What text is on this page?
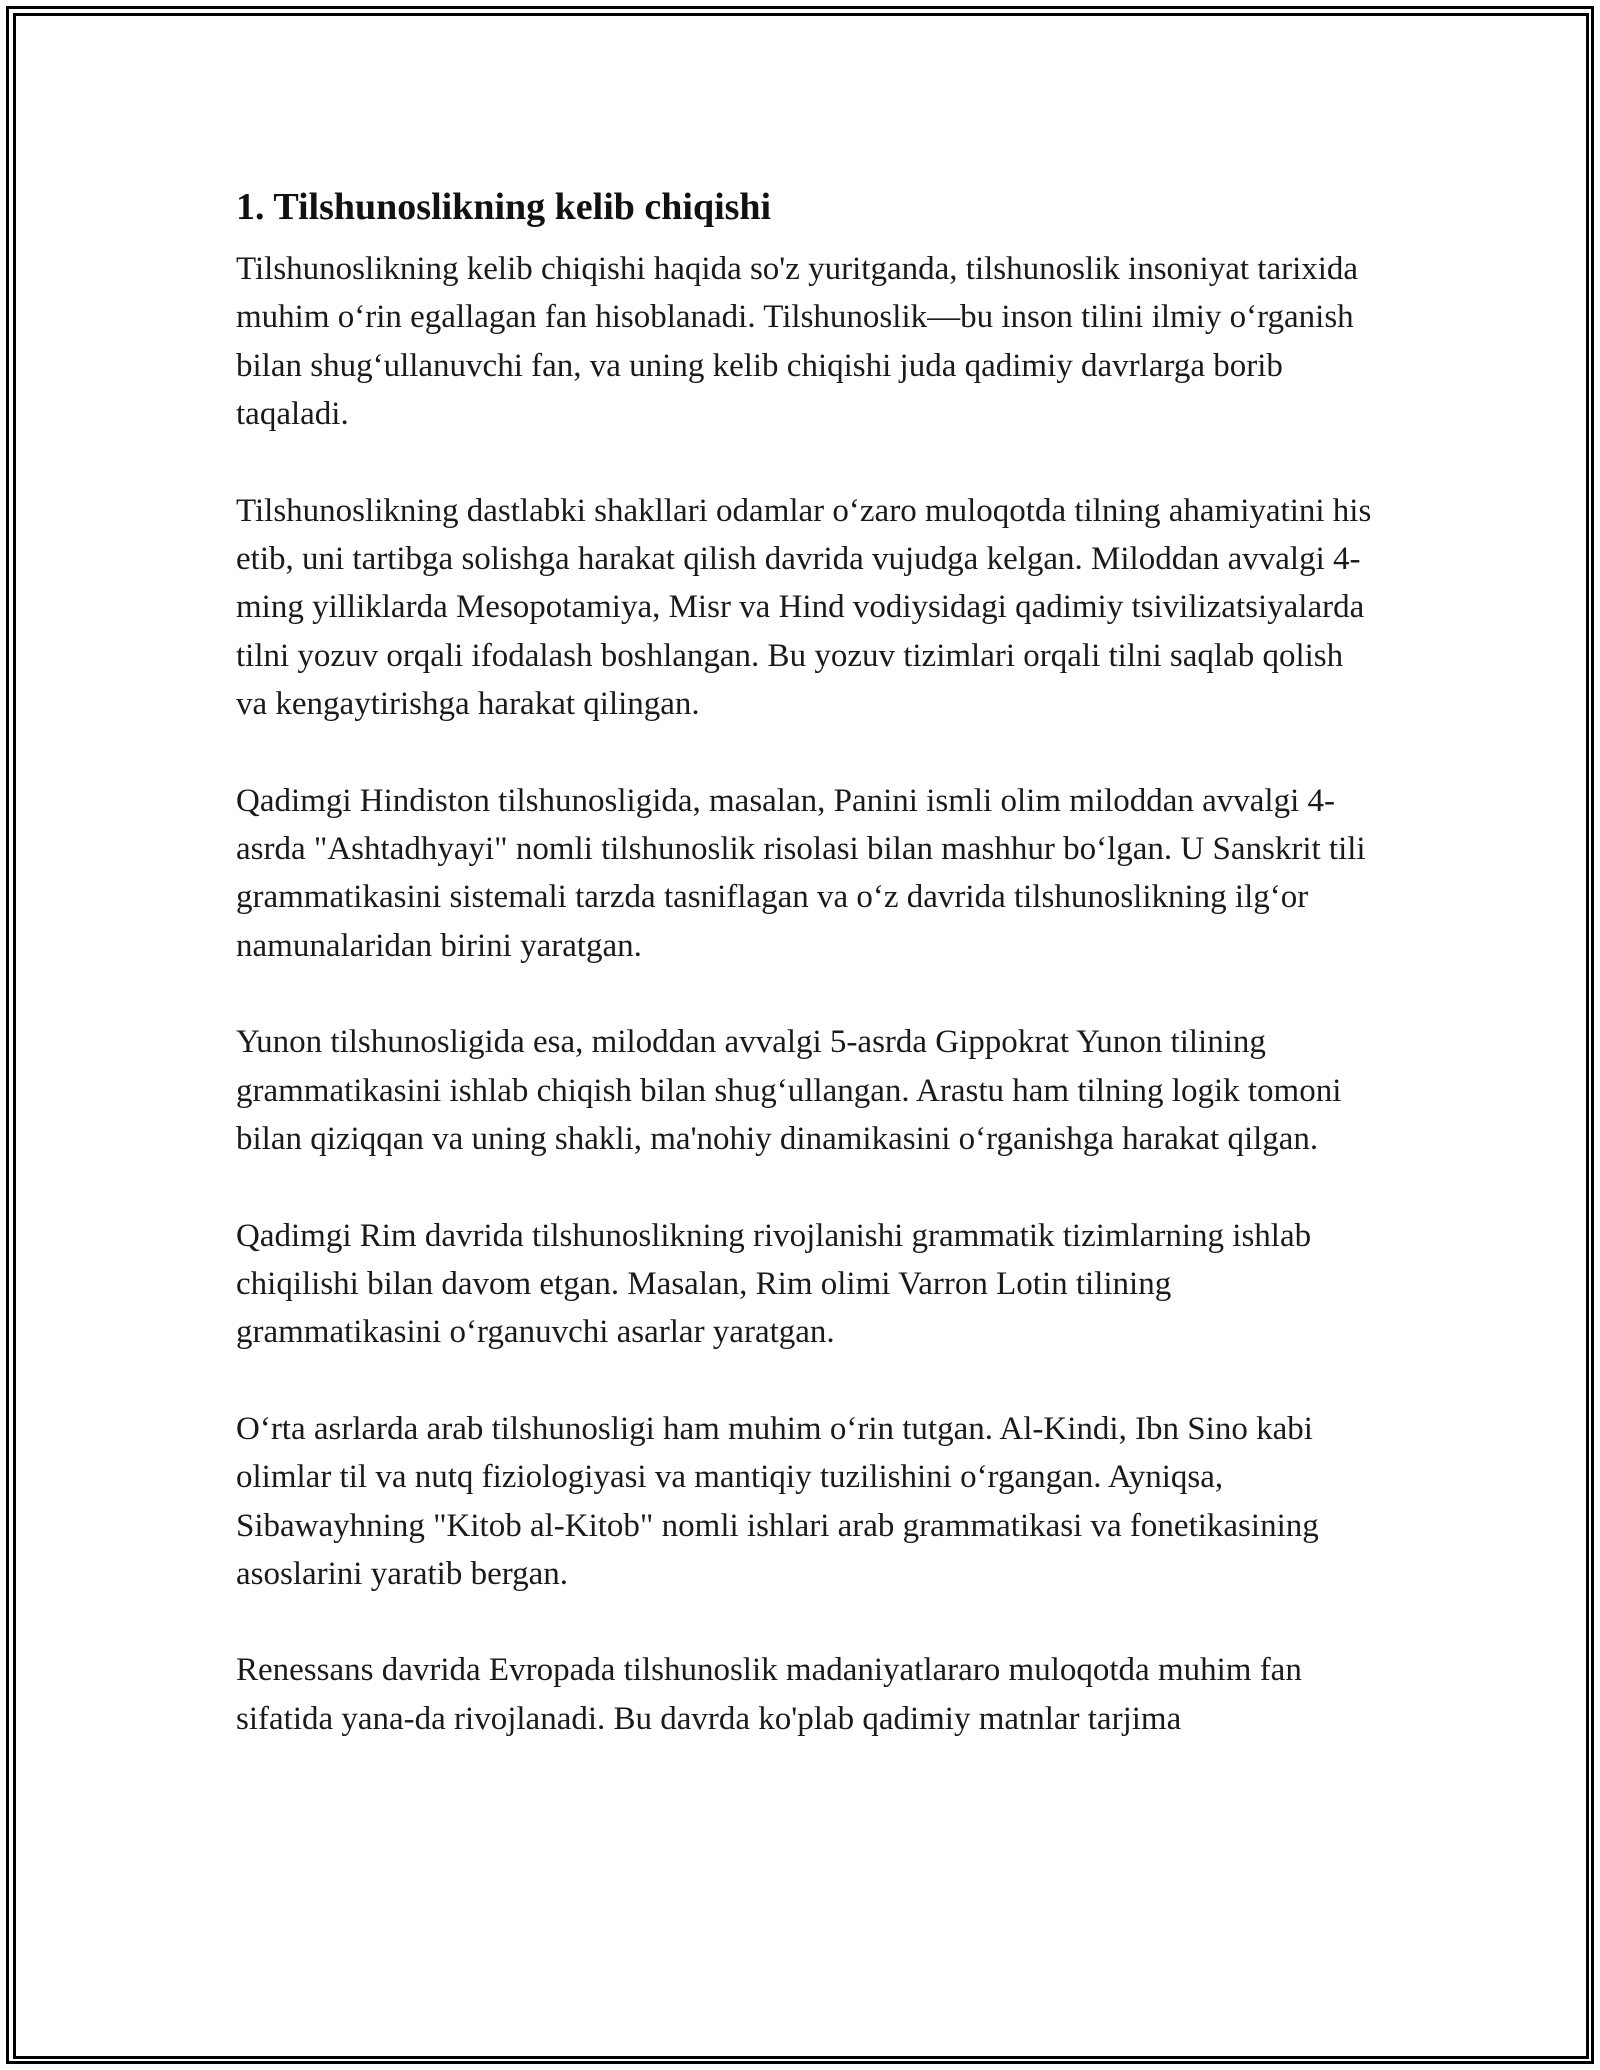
1. Tilshunoslikning kelib chiqishi

Tilshunoslikning kelib chiqishi haqida so'z yuritganda, tilshunoslik insoniyat tarixida muhim o‘rin egallagan fan hisoblanadi. Tilshunoslik—bu inson tilini ilmiy o‘rganish bilan shug‘ullanuvchi fan, va uning kelib chiqishi juda qadimiy davrlarga borib taqaladi.

Tilshunoslikning dastlabki shakllari odamlar o‘zaro muloqotda tilning ahamiyatini his etib, uni tartibga solishga harakat qilish davrida vujudga kelgan. Miloddan avvalgi 4-ming yilliklarda Mesopotamiya, Misr va Hind vodiysidagi qadimiy tsivilizatsiyalarda tilni yozuv orqali ifodalash boshlangan. Bu yozuv tizimlari orqali tilni saqlab qolish va kengaytirishga harakat qilingan.

Qadimgi Hindiston tilshunosligida, masalan, Panini ismli olim miloddan avvalgi 4-asrda "Ashtadhyayi" nomli tilshunoslik risolasi bilan mashhur bo‘lgan. U Sanskrit tili grammatikasini sistemali tarzda tasniflagan va o‘z davrida tilshunoslikning ilg‘or namunalaridan birini yaratgan.

Yunon tilshunosligida esa, miloddan avvalgi 5-asrda Gippokrat Yunon tilining grammatikasini ishlab chiqish bilan shug‘ullangan. Arastu ham tilning logik tomoni bilan qiziqqan va uning shakli, ma'nohiy dinamikasini o‘rganishga harakat qilgan.

Qadimgi Rim davrida tilshunoslikning rivojlanishi grammatik tizimlarning ishlab chiqilishi bilan davom etgan. Masalan, Rim olimi Varron Lotin tilining grammatikasini o‘rganuvchi asarlar yaratgan.

O‘rta asrlarda arab tilshunosligi ham muhim o‘rin tutgan. Al-Kindi, Ibn Sino kabi olimlar til va nutq fiziologiyasi va mantiqiy tuzilishini o‘rgangan. Ayniqsa, Sibawayhning "Kitob al-Kitob" nomli ishlari arab grammatikasi va fonetikasining asoslarini yaratib bergan.

Renessans davrida Evropada tilshunoslik madaniyatlararo muloqotda muhim fan sifatida yana-da rivojlanadi. Bu davrda ko'plab qadimiy matnlar tarjima
